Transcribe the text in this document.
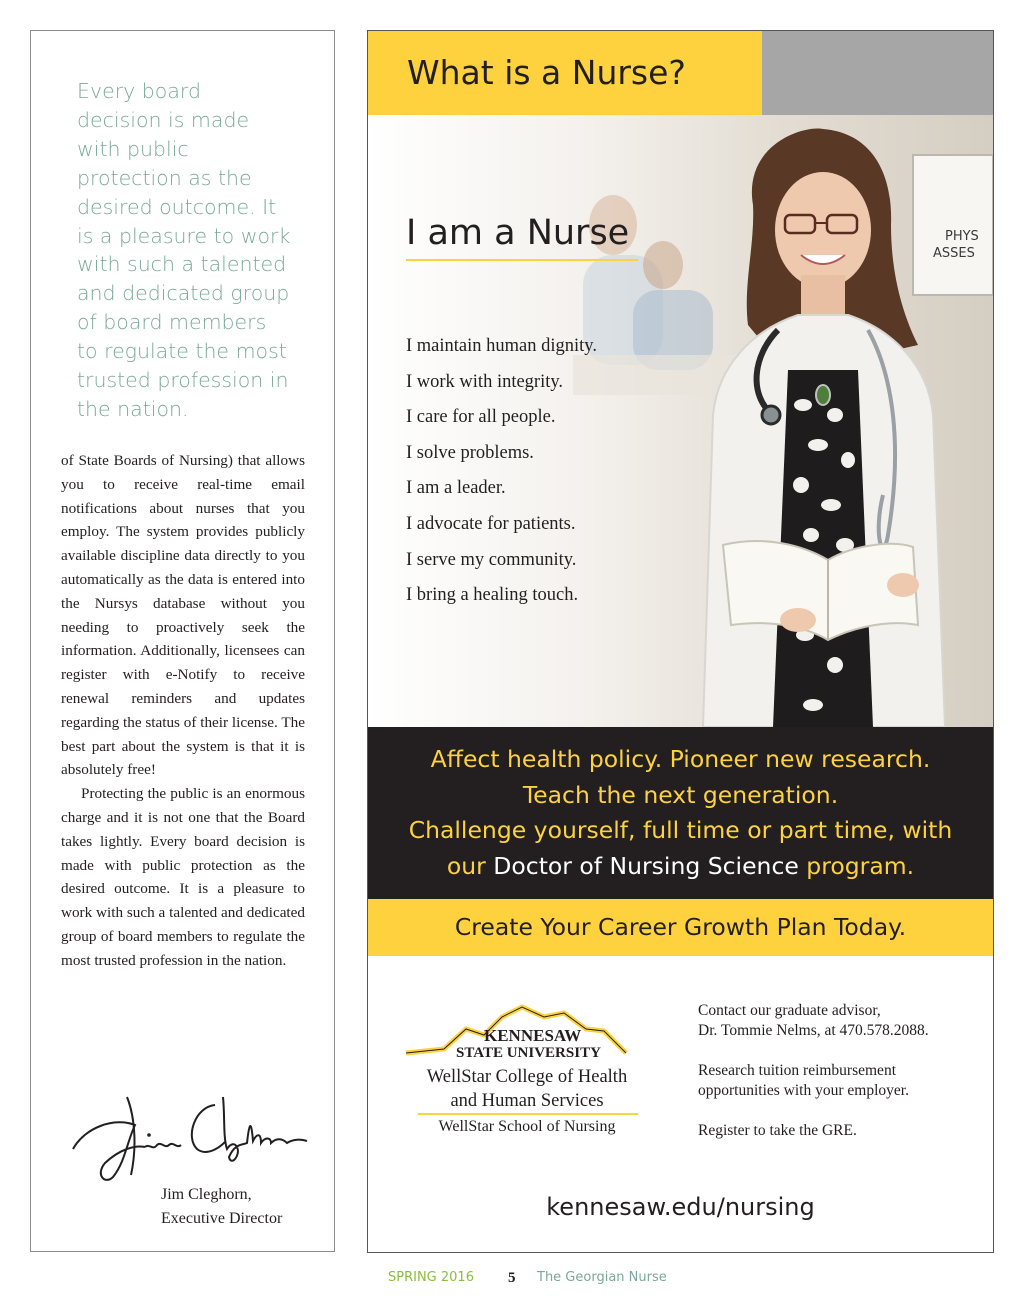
Every board
decision is made
with public
protection as the
desired outcome. It
is a pleasure to work
with such a talented
and dedicated group
of board members
to regulate the most
trusted profession in
the nation.

of State Boards of Nursing) that allows you to receive real-time email notifications about nurses that you employ. The system provides publicly available discipline data directly to you automatically as the data is entered into the Nursys database without you needing to proactively seek the information. Additionally, licensees can register with e-Notify to receive renewal reminders and updates regarding the status of their license. The best part about the system is that it is absolutely free!

Protecting the public is an enormous charge and it is not one that the Board takes lightly. Every board decision is made with public protection as the desired outcome. It is a pleasure to work with such a talented and dedicated group of board members to regulate the most trusted profession in the nation.

Jim Cleghorn,
Executive Director
What is a Nurse?
PHYS
ASSES
I am a Nurse
I maintain human dignity.
I work with integrity.
I care for all people.
I solve problems.
I am a leader.
I advocate for patients.
I serve my community.
I bring a healing touch.
Affect health policy. Pioneer new research.
Teach the next generation.
Challenge yourself, full time or part time, with
our Doctor of Nursing Science program.
Create Your Career Growth Plan Today.
KENNESAW
STATE UNIVERSITY
WellStar College of Health
and Human Services
WellStar School of Nursing
Contact our graduate advisor,
Dr. Tommie Nelms, at 470.578.2088.
Research tuition reimbursement
opportunities with your employer.
Register to take the GRE.
kennesaw.edu/nursing
SPRING 2016 5 The Georgian Nurse
